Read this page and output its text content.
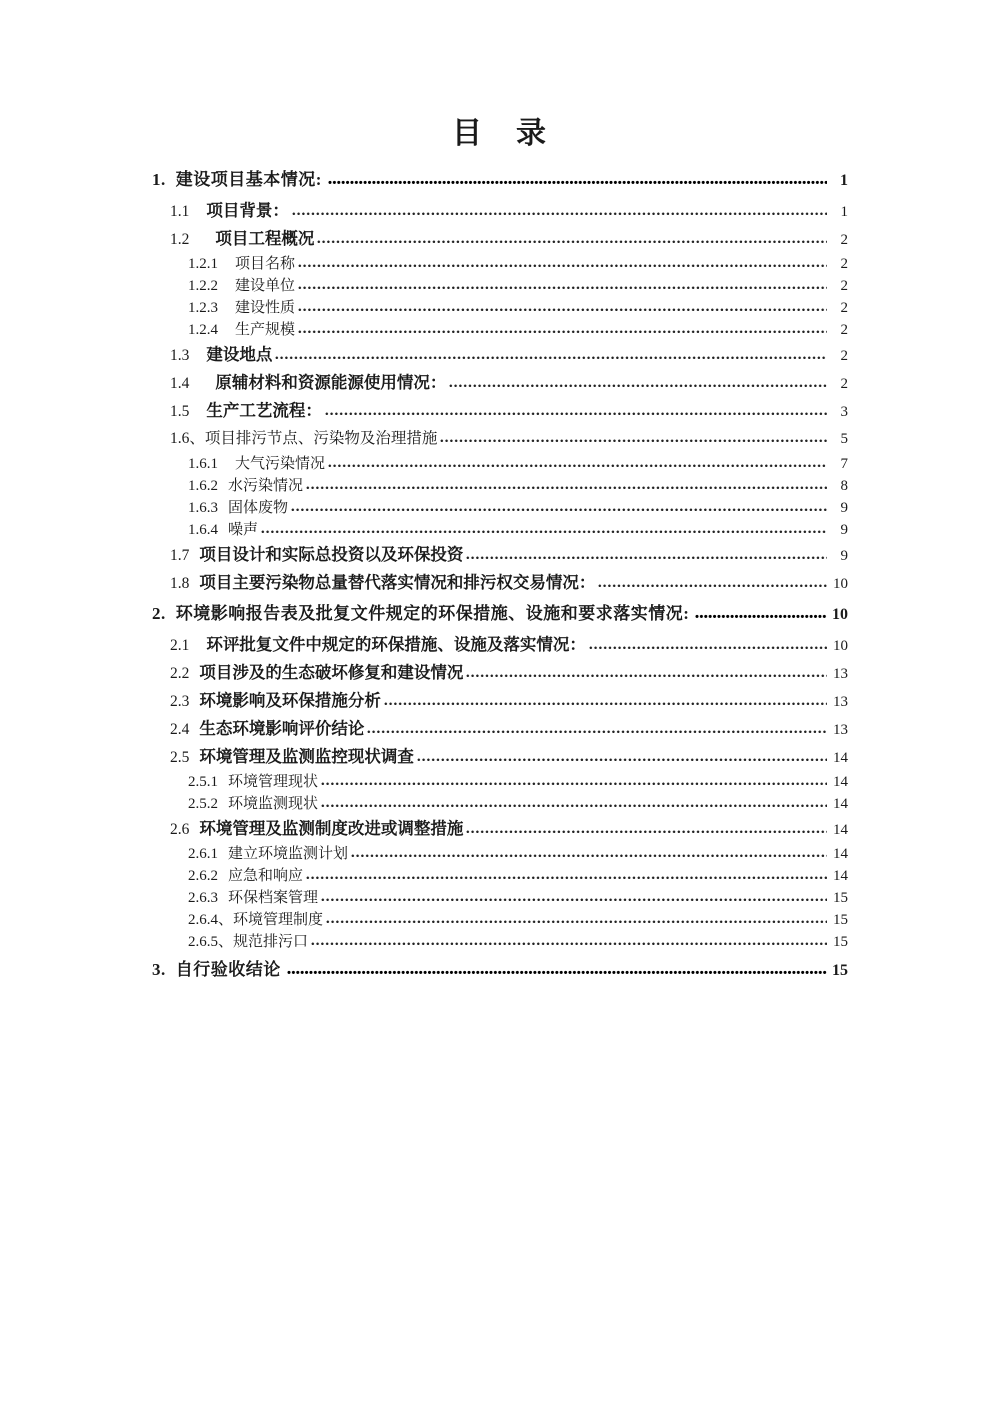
目　录
1. 建设项目基本情况:	1
1.1 项目背景：	1
1.2 项目工程概况	2
1.2.1 项目名称	2
1.2.2 建设单位	2
1.2.3 建设性质	2
1.2.4 生产规模	2
1.3 建设地点	2
1.4 原辅材料和资源能源使用情况：	2
1.5 生产工艺流程：	3
1.6、 项目排污节点、污染物及治理措施	5
1.6.1 大气污染情况	7
1.6.2 水污染情况	8
1.6.3 固体废物	9
1.6.4 噪声	9
1.7 项目设计和实际总投资以及环保投资	9
1.8 项目主要污染物总量替代落实情况和排污权交易情况：	10
2. 环境影响报告表及批复文件规定的环保措施、设施和要求落实情况:	10
2.1 环评批复文件中规定的环保措施、设施及落实情况：	10
2.2 项目涉及的生态破坏修复和建设情况	13
2.3 环境影响及环保措施分析	13
2.4 生态环境影响评价结论	13
2.5 环境管理及监测监控现状调查	14
2.5.1 环境管理现状	14
2.5.2 环境监测现状	14
2.6 环境管理及监测制度改进或调整措施	14
2.6.1 建立环境监测计划	14
2.6.2 应急和响应	14
2.6.3 环保档案管理	15
2.6.4、 环境管理制度	15
2.6.5、 规范排污口	15
3. 自行验收结论	15
